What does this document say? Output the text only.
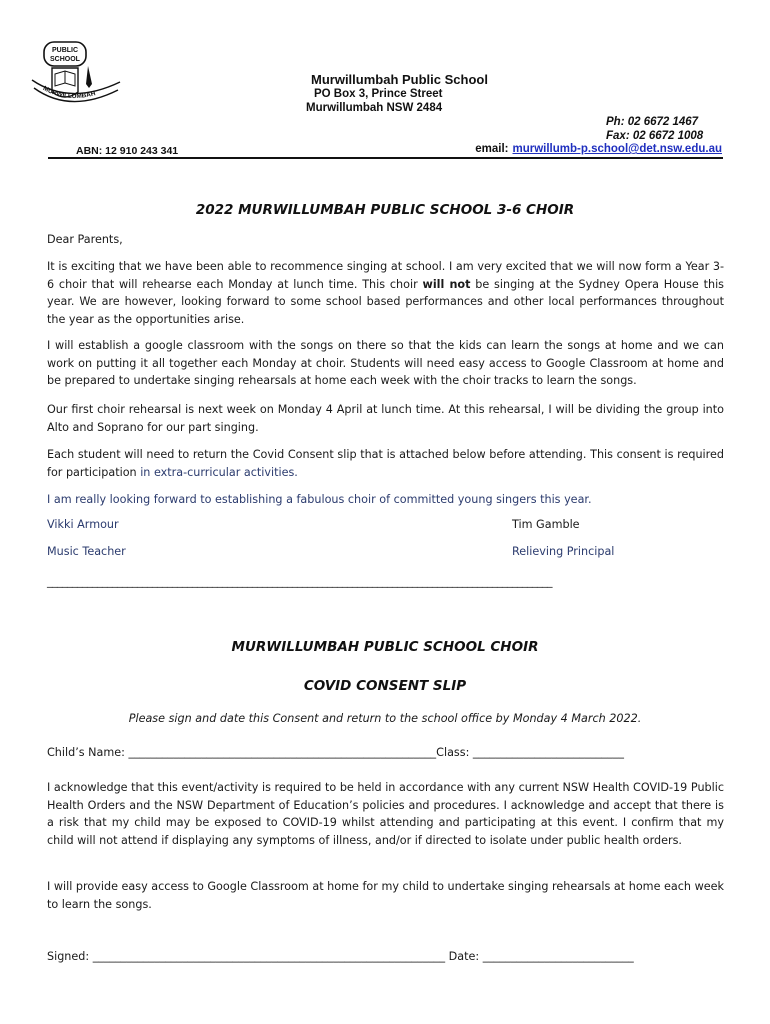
PUBLIC
SCHOOL
MURWILLUMBAH
Murwillumbah Public School
PO Box 3, Prince Street
Murwillumbah NSW 2484
Ph: 02 6672 1467
Fax: 02 6672 1008
ABN: 12 910 243 341	email: murwillumb-p.school@det.nsw.edu.au
2022 MURWILLUMBAH PUBLIC SCHOOL 3-6 CHOIR
Dear Parents,
It is exciting that we have been able to recommence singing at school. I am very excited that we will now form a Year 3-6 choir that will rehearse each Monday at lunch time. This choir will not be singing at the Sydney Opera House this year. We are however, looking forward to some school based performances and other local performances throughout the year as the opportunities arise.
I will establish a google classroom with the songs on there so that the kids can learn the songs at home and we can work on putting it all together each Monday at choir. Students will need easy access to Google Classroom at home and be prepared to undertake singing rehearsals at home each week with the choir tracks to learn the songs.
Our first choir rehearsal is next week on Monday 4 April at lunch time. At this rehearsal, I will be dividing the group into Alto and Soprano for our part singing.
Each student will need to return the Covid Consent slip that is attached below before attending. This consent is required for participation in extra-curricular activities.
I am really looking forward to establishing a fabulous choir of committed young singers this year.
Vikki Armour	Tim Gamble
Music Teacher	Relieving Principal
_____________________________________________________________________________________________________
MURWILLUMBAH PUBLIC SCHOOL CHOIR
COVID CONSENT SLIP
Please sign and date this Consent and return to the school office by Monday 4 March 2022.
Child’s Name: _______________________________________________________Class: ___________________________
I acknowledge that this event/activity is required to be held in accordance with any current NSW Health COVID-19 Public Health Orders and the NSW Department of Education’s policies and procedures. I acknowledge and accept that there is a risk that my child may be exposed to COVID-19 whilst attending and participating at this event. I confirm that my child will not attend if displaying any symptoms of illness, and/or if directed to isolate under public health orders.
I will provide easy access to Google Classroom at home for my child to undertake singing rehearsals at home each week to learn the songs.
Signed: _______________________________________________________________ Date: ___________________________
